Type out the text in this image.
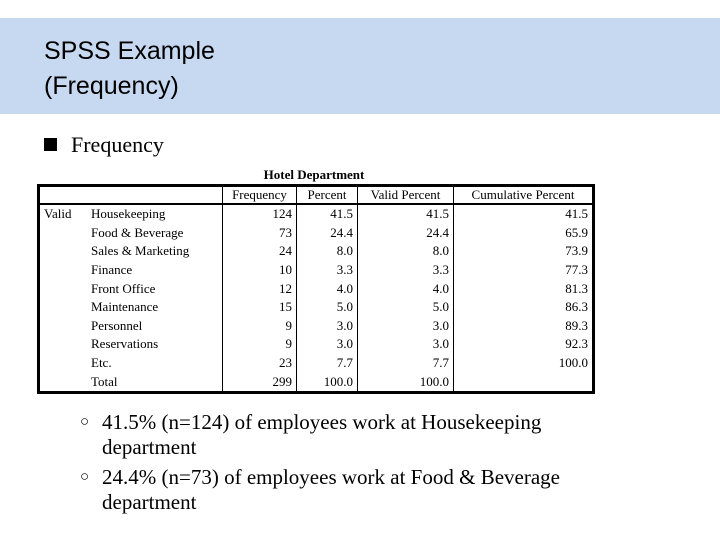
SPSS Example
(Frequency)
Frequency
Hotel Department
		Frequency	Percent	Valid Percent	Cumulative Percent
Valid	Housekeeping	124	41.5	41.5	41.5
	Food & Beverage	73	24.4	24.4	65.9
	Sales & Marketing	24	8.0	8.0	73.9
	Finance	10	3.3	3.3	77.3
	Front Office	12	4.0	4.0	81.3
	Maintenance	15	5.0	5.0	86.3
	Personnel	9	3.0	3.0	89.3
	Reservations	9	3.0	3.0	92.3
	Etc.	23	7.7	7.7	100.0
	Total	299	100.0	100.0	
○ 41.5% (n=124) of employees work at Housekeeping
department
○ 24.4% (n=73) of employees work at Food & Beverage
department
